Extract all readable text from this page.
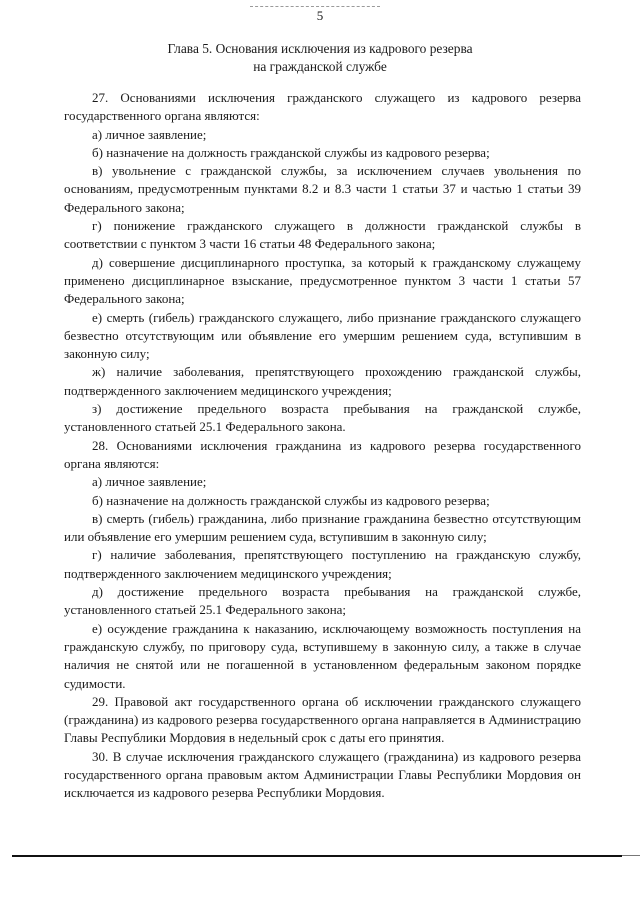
5
Глава 5. Основания исключения из кадрового резерва
на гражданской службе

27. Основаниями исключения гражданского служащего из кадрового резерва государственного органа являются:

а) личное заявление;

б) назначение на должность гражданской службы из кадрового резерва;

в) увольнение с гражданской службы, за исключением случаев увольнения по основаниям, предусмотренным пунктами 8.2 и 8.3 части 1 статьи 37 и частью 1 статьи 39 Федерального закона;

г) понижение гражданского служащего в должности гражданской службы в соответствии с пунктом 3 части 16 статьи 48 Федерального закона;

д) совершение дисциплинарного проступка, за который к гражданскому служащему применено дисциплинарное взыскание, предусмотренное пунктом 3 части 1 статьи 57 Федерального закона;

е) смерть (гибель) гражданского служащего, либо признание гражданского служащего безвестно отсутствующим или объявление его умершим решением суда, вступившим в законную силу;

ж) наличие заболевания, препятствующего прохождению гражданской службы, подтвержденного заключением медицинского учреждения;

з) достижение предельного возраста пребывания на гражданской службе, установленного статьей 25.1 Федерального закона.

28. Основаниями исключения гражданина из кадрового резерва государственного органа являются:

а) личное заявление;

б) назначение на должность гражданской службы из кадрового резерва;

в) смерть (гибель) гражданина, либо признание гражданина безвестно отсутствующим или объявление его умершим решением суда, вступившим в законную силу;

г) наличие заболевания, препятствующего поступлению на гражданскую службу, подтвержденного заключением медицинского учреждения;

д) достижение предельного возраста пребывания на гражданской службе, установленного статьей 25.1 Федерального закона;

е) осуждение гражданина к наказанию, исключающему возможность поступления на гражданскую службу, по приговору суда, вступившему в законную силу, а также в случае наличия не снятой или не погашенной в установленном федеральным законом порядке судимости.

29. Правовой акт государственного органа об исключении гражданского служащего (гражданина) из кадрового резерва государственного органа направляется в Администрацию Главы Республики Мордовия в недельный срок с даты его принятия.

30. В случае исключения гражданского служащего (гражданина) из кадрового резерва государственного органа правовым актом Администрации Главы Республики Мордовия он исключается из кадрового резерва Республики Мордовия.
